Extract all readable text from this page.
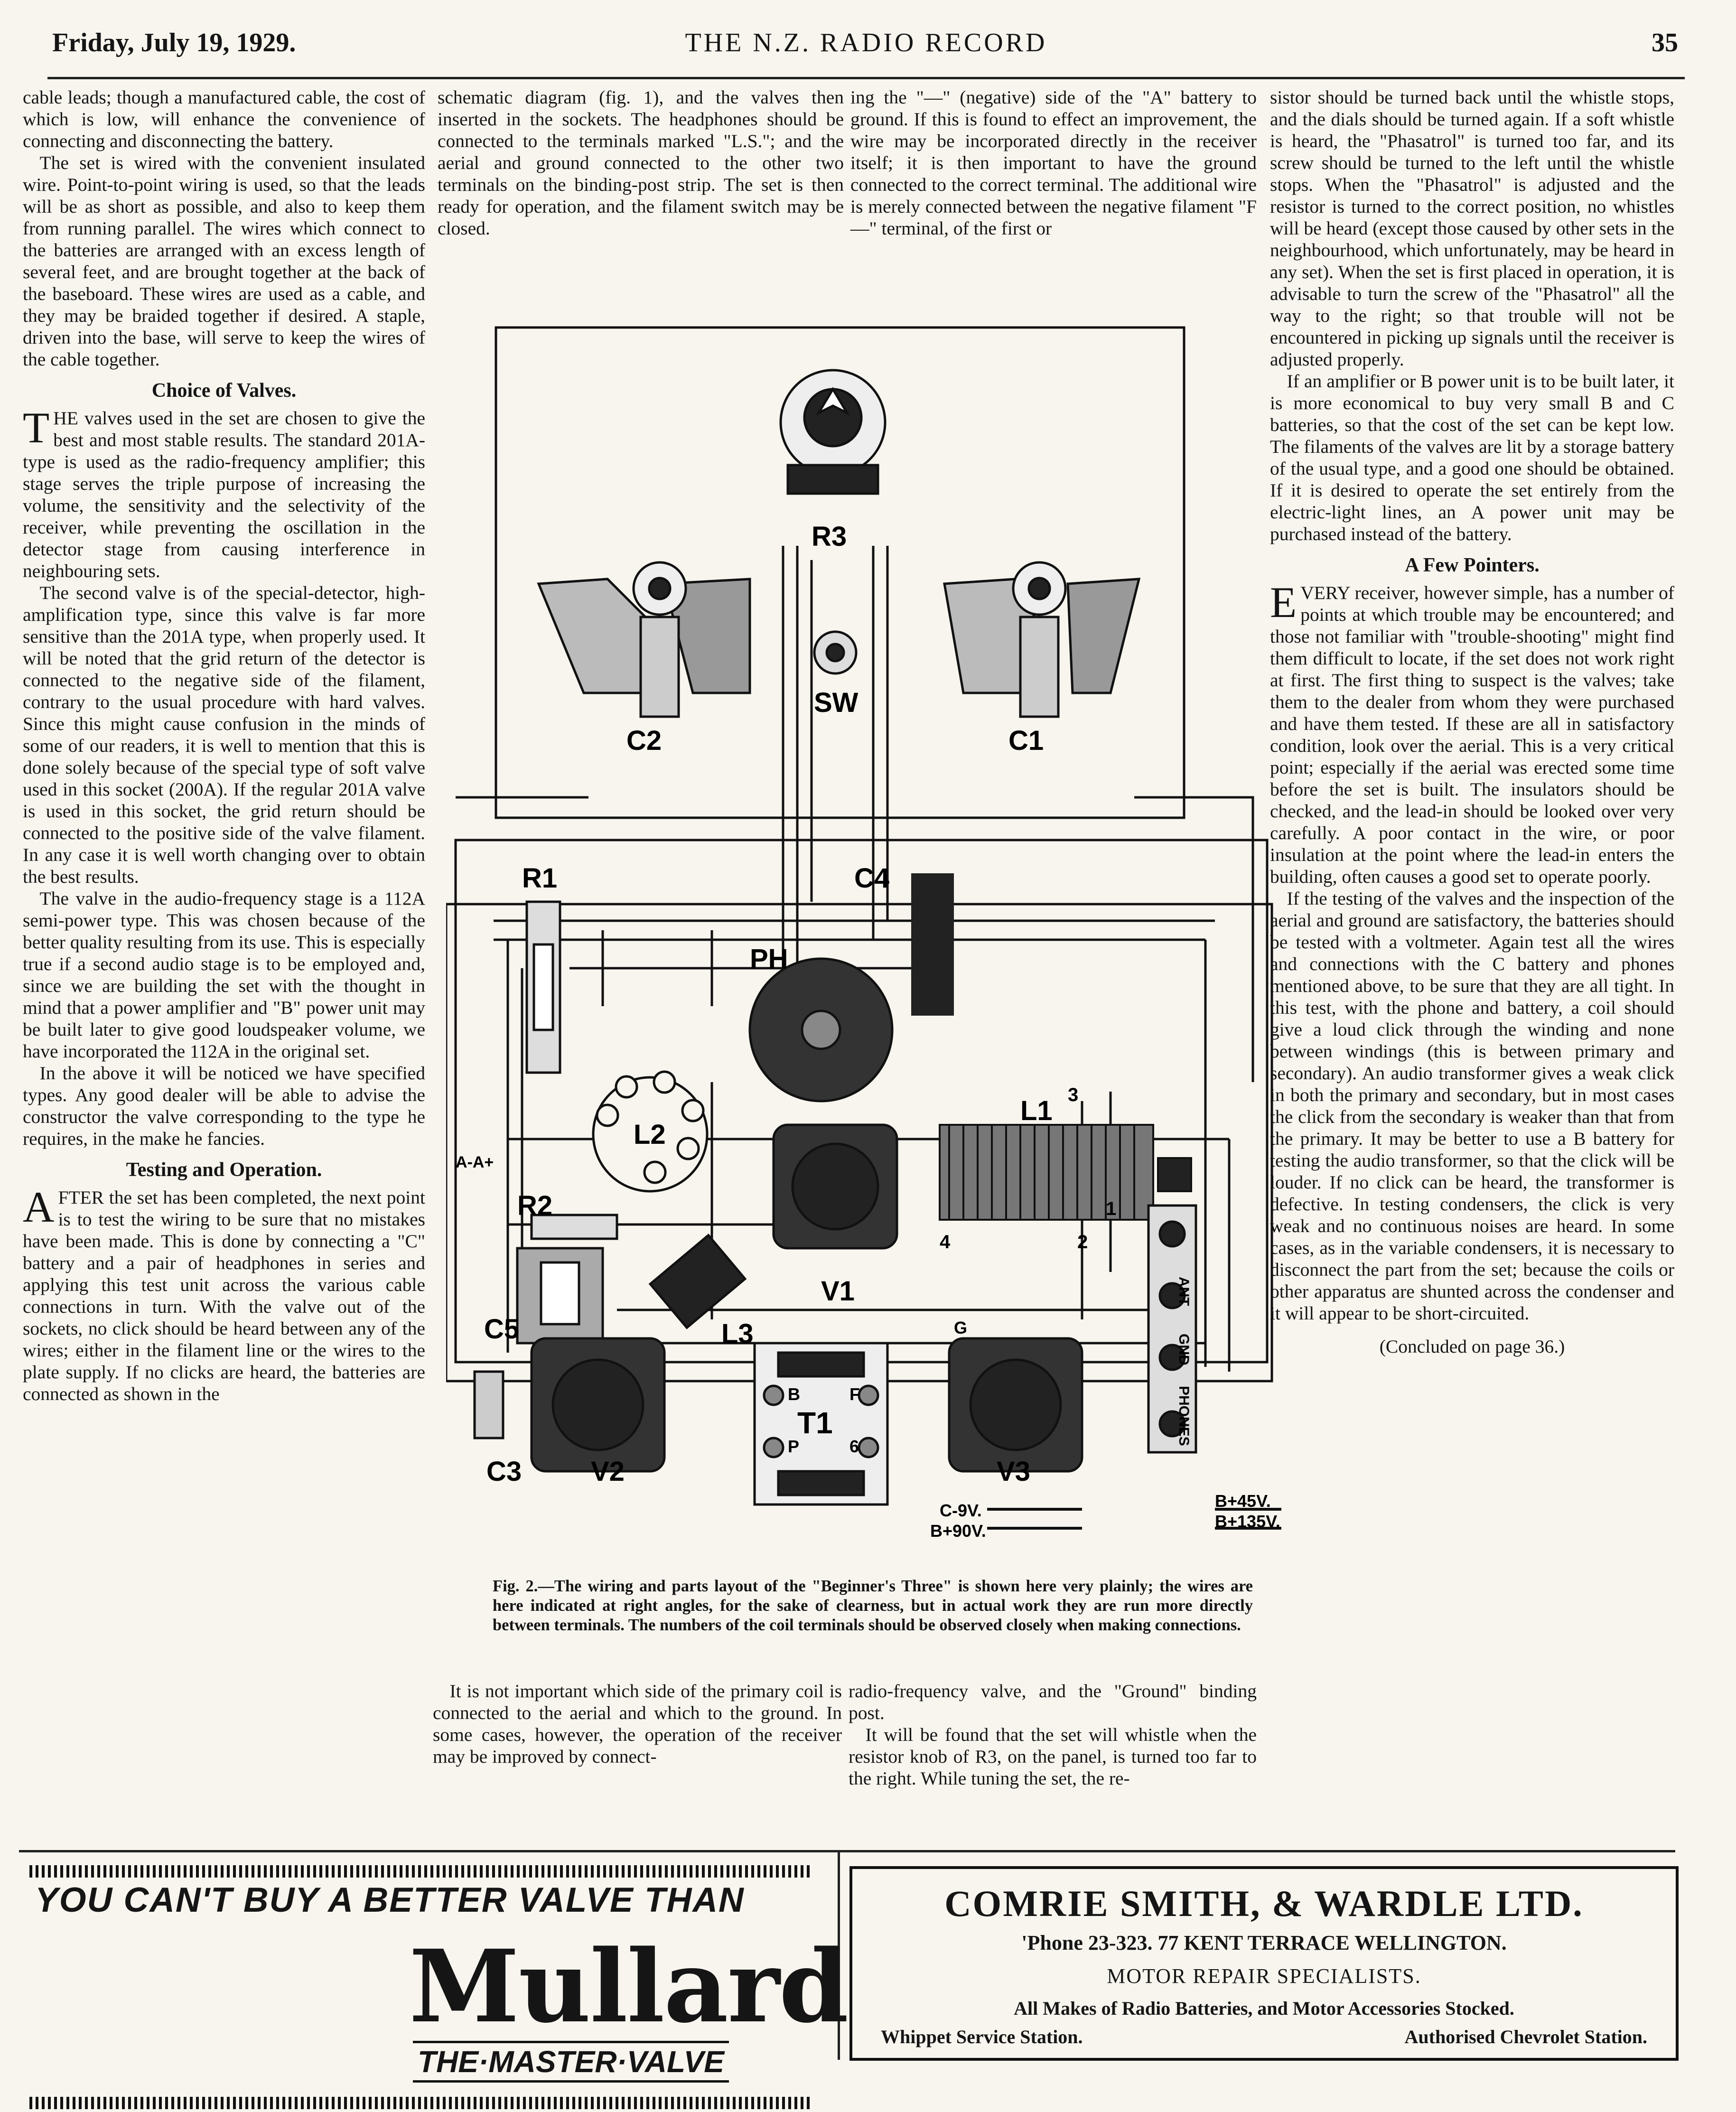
Friday, July 19, 1929.	THE N.Z. RADIO RECORD	35

cable leads; though a manufactured cable, the cost of which is low, will enhance the convenience of connecting and disconnecting the battery.

The set is wired with the convenient insulated wire. Point-to-point wiring is used, so that the leads will be as short as possible, and also to keep them from running parallel. The wires which connect to the batteries are arranged with an excess length of several feet, and are brought together at the back of the baseboard. These wires are used as a cable, and they may be braided together if desired. A staple, driven into the base, will serve to keep the wires of the cable together.

Choice of Valves.

THE valves used in the set are chosen to give the best and most stable results. The standard 201A-type is used as the radio-frequency amplifier; this stage serves the triple purpose of increasing the volume, the sensitivity and the selectivity of the receiver, while preventing the oscillation in the detector stage from causing interference in neighbouring sets.

The second valve is of the special-detector, high-amplification type, since this valve is far more sensitive than the 201A type, when properly used. It will be noted that the grid return of the detector is connected to the negative side of the filament, contrary to the usual procedure with hard valves. Since this might cause confusion in the minds of some of our readers, it is well to mention that this is done solely because of the special type of soft valve used in this socket (200A). If the regular 201A valve is used in this socket, the grid return should be connected to the positive side of the valve filament. In any case it is well worth changing over to obtain the best results.

The valve in the audio-frequency stage is a 112A semi-power type. This was chosen because of the better quality resulting from its use. This is especially true if a second audio stage is to be employed and, since we are building the set with the thought in mind that a power amplifier and "B" power unit may be built later to give good loudspeaker volume, we have incorporated the 112A in the original set.

In the above it will be noticed we have specified types. Any good dealer will be able to advise the constructor the valve corresponding to the type he requires, in the make he fancies.

Testing and Operation.

AFTER the set has been completed, the next point is to test the wiring to be sure that no mistakes have been made. This is done by connecting a "C" battery and a pair of headphones in series and applying this test unit across the various cable connections in turn. With the valve out of the sockets, no click should be heard between any of the wires; either in the filament line or the wires to the plate supply. If no clicks are heard, the batteries are connected as shown in the

schematic diagram (fig. 1), and the valves then inserted in the sockets. The headphones should be connected to the terminals marked "L.S."; and the aerial and ground connected to the other two terminals on the binding-post strip. The set is then ready for operation, and the filament switch may be closed.

ing the "—" (negative) side of the "A" battery to ground. If this is found to effect an improvement, the wire may be incorporated directly in the receiver itself; it is then important to have the ground connected to the correct terminal. The additional wire is merely connected between the negative filament "F—" terminal, of the first or

sistor should be turned back until the whistle stops, and the dials should be turned again. If a soft whistle is heard, the "Phasatrol" is turned too far, and its screw should be turned to the left until the whistle stops. When the "Phasatrol" is adjusted and the resistor is turned to the correct position, no whistles will be heard (except those caused by other sets in the neighbourhood, which unfortunately, may be heard in any set). When the set is first placed in operation, it is advisable to turn the screw of the "Phasatrol" all the way to the right; so that trouble will not be encountered in picking up signals until the receiver is adjusted properly.

If an amplifier or B power unit is to be built later, it is more economical to buy very small B and C batteries, so that the cost of the set can be kept low. The filaments of the valves are lit by a storage battery of the usual type, and a good one should be obtained. If it is desired to operate the set entirely from the electric-light lines, an A power unit may be purchased instead of the battery.

A Few Pointers.

EVERY receiver, however simple, has a number of points at which trouble may be encountered; and those not familiar with "trouble-shooting" might find them difficult to locate, if the set does not work right at first. The first thing to suspect is the valves; take them to the dealer from whom they were purchased and have them tested. If these are all in satisfactory condition, look over the aerial. This is a very critical point; especially if the aerial was erected some time before the set is built. The insulators should be checked, and the lead-in should be looked over very carefully. A poor contact in the wire, or poor insulation at the point where the lead-in enters the building, often causes a good set to operate poorly.

If the testing of the valves and the inspection of the aerial and ground are satisfactory, the batteries should be tested with a voltmeter. Again test all the wires and connections with the C battery and phones mentioned above, to be sure that they are all tight. In this test, with the phone and battery, a coil should give a loud click through the winding and none between windings (this is between primary and secondary). An audio transformer gives a weak click in both the primary and secondary, but in most cases the click from the secondary is weaker than that from the primary. It may be better to use a B battery for testing the audio transformer, so that the click will be louder. If no click can be heard, the transformer is defective. In testing condensers, the click is very weak and no continuous noises are heard. In some cases, as in the variable condensers, it is necessary to disconnect the part from the set; because the coils or other apparatus are shunted across the condenser and it will appear to be short-circuited.

(Concluded on page 36.)

R3
SW
C2	C1
R1	C4
PH
L2
L1
3
4	2
1
V1
R2
C5	L3
V2
C3
T1
B	F
P	6
V3
G
ANT
GND
PHONES
A-A+
C-9V.
B+90V.
B+45V.
B+135V.
Fig. 2.—The wiring and parts layout of the "Beginner's Three" is shown here very plainly; the wires are here indicated at right angles, for the sake of clearness, but in actual work they are run more directly between terminals. The numbers of the coil terminals should be observed closely when making connections.

It is not important which side of the primary coil is connected to the aerial and which to the ground. In some cases, however, the operation of the receiver may be improved by connect-

radio-frequency valve, and the "Ground" binding post.

It will be found that the set will whistle when the resistor knob of R3, on the panel, is turned too far to the right. While tuning the set, the re-

YOU CAN'T BUY A BETTER VALVE THAN
Mullard
THE·MASTER·VALVE
COMRIE SMITH, & WARDLE LTD.
'Phone 23-323. 77 KENT TERRACE WELLINGTON.
MOTOR REPAIR SPECIALISTS.
All Makes of Radio Batteries, and Motor Accessories Stocked.
Whippet Service Station.	Authorised Chevrolet Station.
